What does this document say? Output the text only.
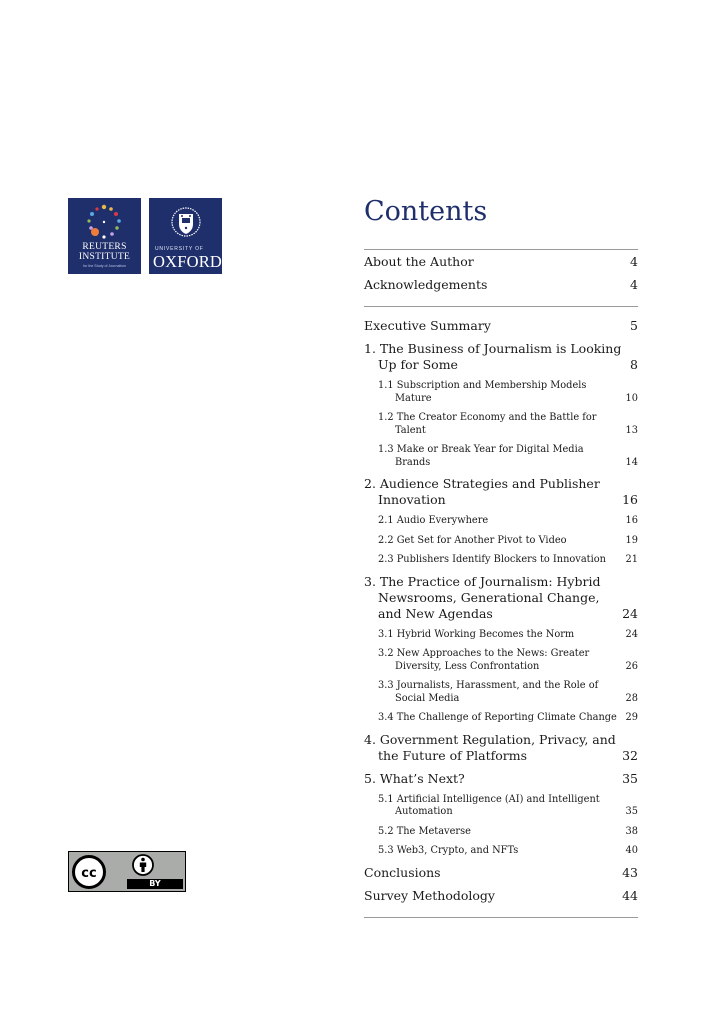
REUTERS
INSTITUTE
for the Study of Journalism
UNIVERSITY OF
OXFORD
cc
BY
Contents
About the Author	4
Acknowledgements	4
Executive Summary	5
1. The Business of Journalism is Looking Up for Some	8
1.1 Subscription and Membership Models Mature	10
1.2 The Creator Economy and the Battle for Talent	13
1.3 Make or Break Year for Digital Media Brands	14
2. Audience Strategies and Publisher Innovation	16
2.1 Audio Everywhere	16
2.2 Get Set for Another Pivot to Video	19
2.3 Publishers Identify Blockers to Innovation	21
3. The Practice of Journalism: Hybrid Newsrooms, Generational Change, and New Agendas	24
3.1 Hybrid Working Becomes the Norm	24
3.2 New Approaches to the News: Greater Diversity, Less Confrontation	26
3.3 Journalists, Harassment, and the Role of Social Media	28
3.4 The Challenge of Reporting Climate Change 29
4. Government Regulation, Privacy, and the Future of Platforms	32
5. What’s Next?	35
5.1 Artificial Intelligence (AI) and Intelligent Automation	35
5.2 The Metaverse	38
5.3 Web3, Crypto, and NFTs	40
Conclusions	43
Survey Methodology	44
